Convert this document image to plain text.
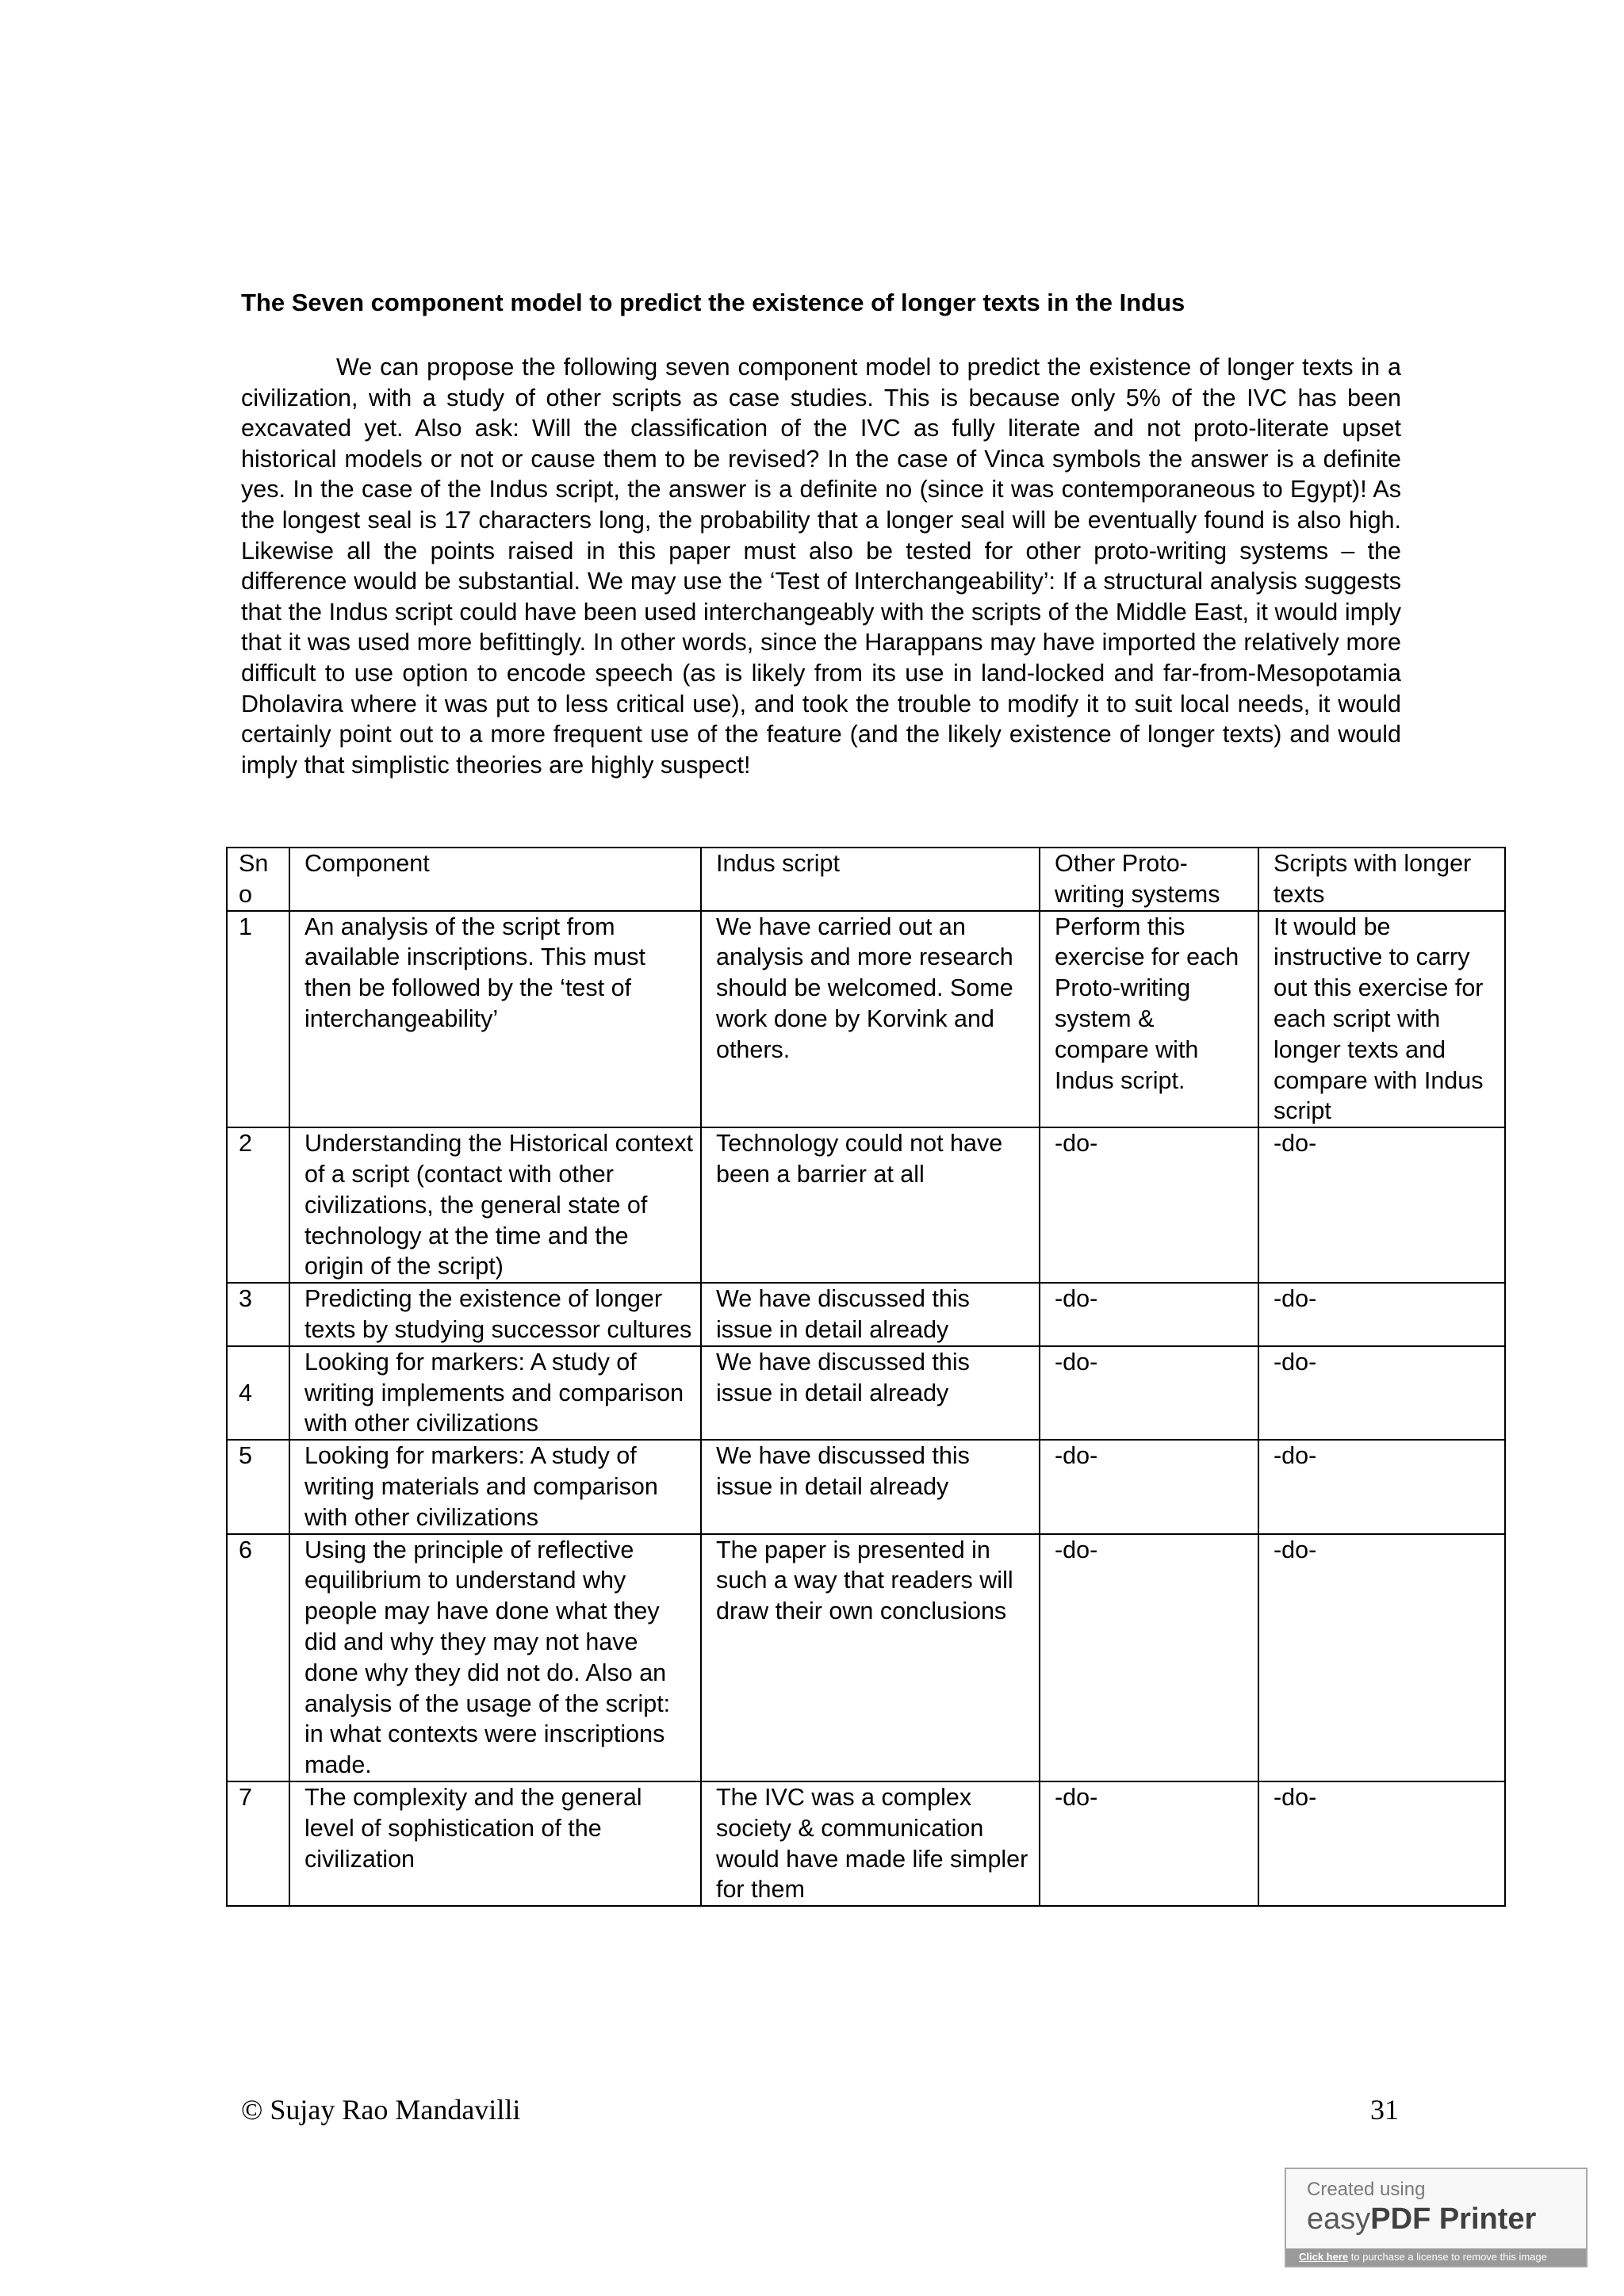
The Seven component model to predict the existence of longer texts in the Indus

We can propose the following seven component model to predict the existence of longer texts in a civilization, with a study of other scripts as case studies. This is because only 5% of the IVC has been excavated yet. Also ask: Will the classification of the IVC as fully literate and not proto-literate upset historical models or not or cause them to be revised? In the case of Vinca symbols the answer is a definite yes. In the case of the Indus script, the answer is a definite no (since it was contemporaneous to Egypt)! As the longest seal is 17 characters long, the probability that a longer seal will be eventually found is also high. Likewise all the points raised in this paper must also be tested for other proto-writing systems – the difference would be substantial. We may use the ‘Test of Interchangeability’: If a structural analysis suggests that the Indus script could have been used interchangeably with the scripts of the Middle East, it would imply that it was used more befittingly. In other words, since the Harappans may have imported the relatively more difficult to use option to encode speech (as is likely from its use in land-locked and far-from-Mesopotamia Dholavira where it was put to less critical use), and took the trouble to modify it to suit local needs, it would certainly point out to a more frequent use of the feature (and the likely existence of longer texts) and would imply that simplistic theories are highly suspect!

Sn o	Component	Indus script	Other Proto-writing systems	Scripts with longer texts
1	An analysis of the script from available inscriptions. This must then be followed by the ‘test of interchangeability’	We have carried out an analysis and more research should be welcomed. Some work done by Korvink and others.	Perform this exercise for each Proto-writing system & compare with Indus script.	It would be instructive to carry out this exercise for each script with longer texts and compare with Indus script
2	Understanding the Historical context of a script (contact with other civilizations, the general state of technology at the time and the origin of the script)	Technology could not have been a barrier at all	-do-	-do-
3	Predicting the existence of longer texts by studying successor cultures	We have discussed this issue in detail already	-do-	-do-
4	Looking for markers: A study of writing implements and comparison with other civilizations	We have discussed this issue in detail already	-do-	-do-
5	Looking for markers: A study of writing materials and comparison with other civilizations	We have discussed this issue in detail already	-do-	-do-
6	Using the principle of reflective equilibrium to understand why people may have done what they did and why they may not have done why they did not do. Also an analysis of the usage of the script: in what contexts were inscriptions made.	The paper is presented in such a way that readers will draw their own conclusions	-do-	-do-
7	The complexity and the general level of sophistication of the civilization	The IVC was a complex society & communication would have made life simpler for them	-do-	-do-
© Sujay Rao Mandavilli	31
Created using
easyPDF Printer
Click here to purchase a license to remove this image
